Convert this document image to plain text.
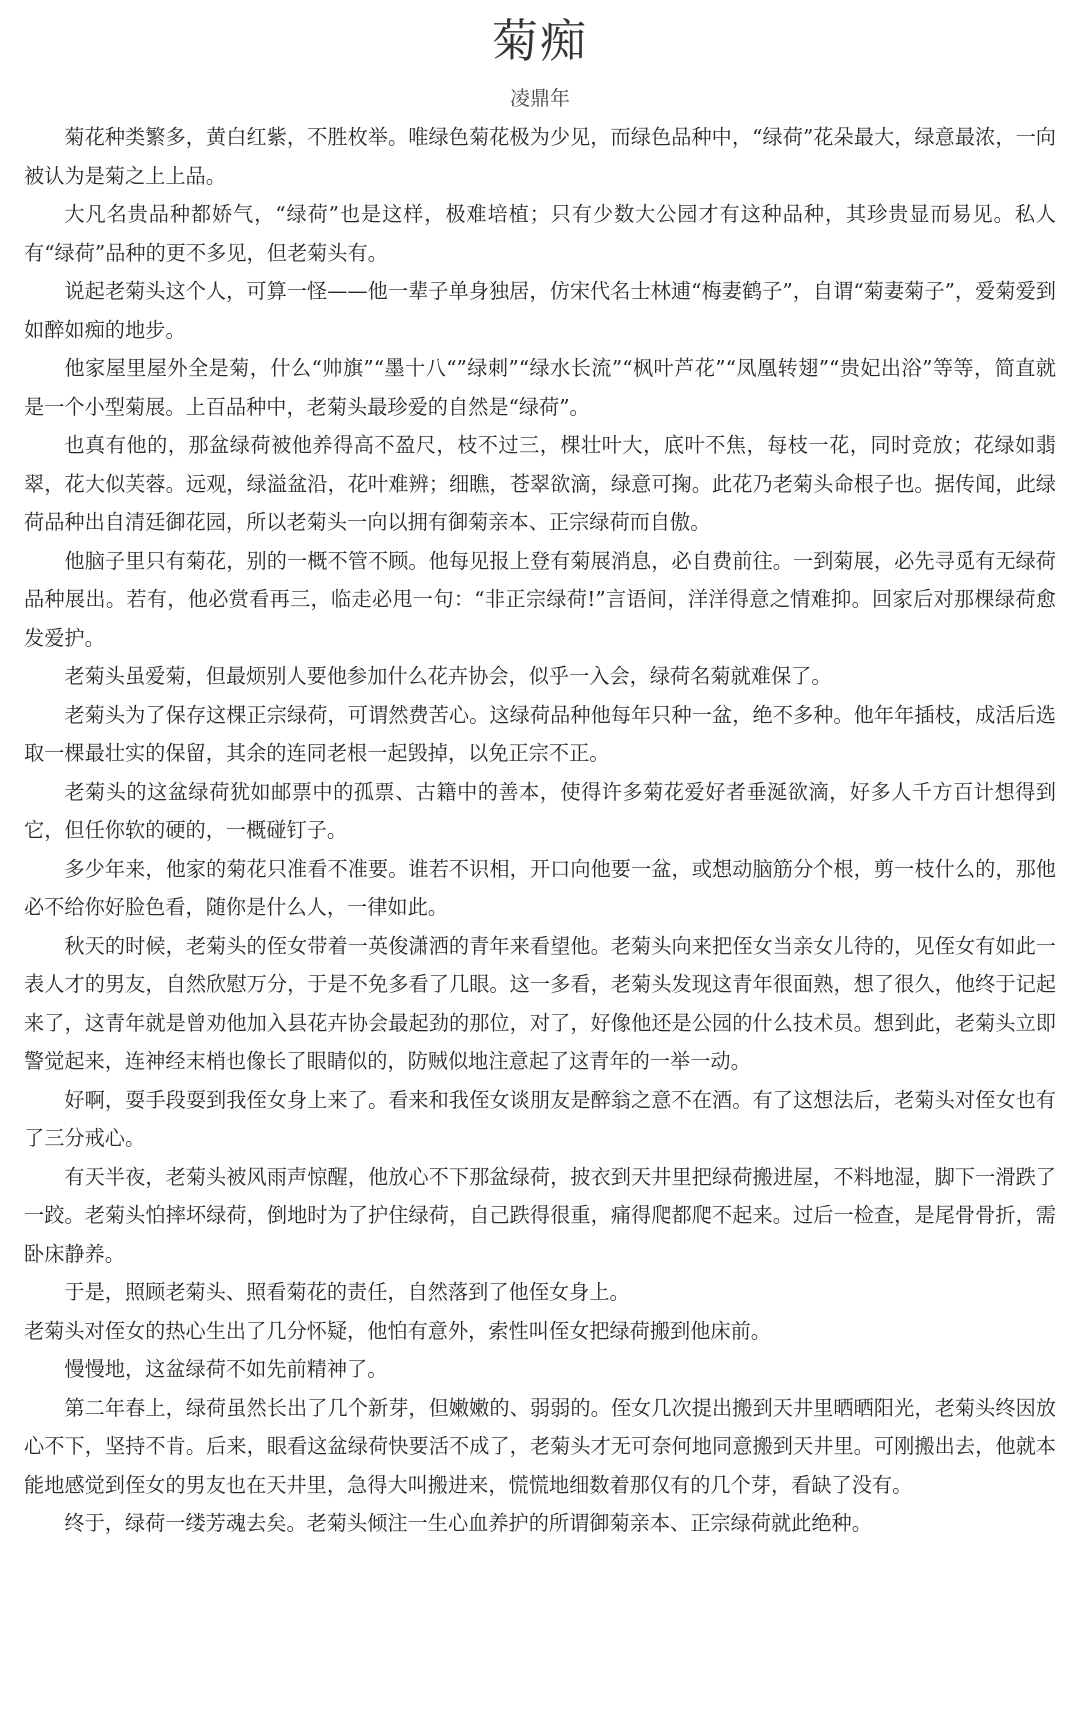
菊痴
凌鼎年

菊花种类繁多，黄白红紫，不胜枚举。唯绿色菊花极为少见，而绿色品种中，“绿荷”花朵最大，绿意最浓，一向被认为是菊之上上品。

大凡名贵品种都娇气，“绿荷”也是这样，极难培植；只有少数大公园才有这种品种，其珍贵显而易见。私人有“绿荷”品种的更不多见，但老菊头有。

说起老菊头这个人，可算一怪——他一辈子单身独居，仿宋代名士林逋“梅妻鹤子”，自谓“菊妻菊子”，爱菊爱到如醉如痴的地步。

他家屋里屋外全是菊，什么“帅旗”“墨十八“”绿刺”“绿水长流”“枫叶芦花”“凤凰转翅”“贵妃出浴”等等，简直就是一个小型菊展。上百品种中，老菊头最珍爱的自然是“绿荷”。

也真有他的，那盆绿荷被他养得高不盈尺，枝不过三，棵壮叶大，底叶不焦，每枝一花，同时竞放；花绿如翡翠，花大似芙蓉。远观，绿溢盆沿，花叶难辨；细瞧，苍翠欲滴，绿意可掬。此花乃老菊头命根子也。据传闻，此绿荷品种出自清廷御花园，所以老菊头一向以拥有御菊亲本、正宗绿荷而自傲。

他脑子里只有菊花，别的一概不管不顾。他每见报上登有菊展消息，必自费前往。一到菊展，必先寻觅有无绿荷品种展出。若有，他必赏看再三，临走必甩一句：“非正宗绿荷!”言语间，洋洋得意之情难抑。回家后对那棵绿荷愈发爱护。

老菊头虽爱菊，但最烦别人要他参加什么花卉协会，似乎一入会，绿荷名菊就难保了。

老菊头为了保存这棵正宗绿荷，可谓然费苦心。这绿荷品种他每年只种一盆，绝不多种。他年年插枝，成活后选取一棵最壮实的保留，其余的连同老根一起毁掉，以免正宗不正。

老菊头的这盆绿荷犹如邮票中的孤票、古籍中的善本，使得许多菊花爱好者垂涎欲滴，好多人千方百计想得到它，但任你软的硬的，一概碰钉子。

多少年来，他家的菊花只准看不准要。谁若不识相，开口向他要一盆，或想动脑筋分个根，剪一枝什么的，那他必不给你好脸色看，随你是什么人，一律如此。

秋天的时候，老菊头的侄女带着一英俊潇洒的青年来看望他。老菊头向来把侄女当亲女儿待的，见侄女有如此一表人才的男友，自然欣慰万分，于是不免多看了几眼。这一多看，老菊头发现这青年很面熟，想了很久，他终于记起来了，这青年就是曾劝他加入县花卉协会最起劲的那位，对了，好像他还是公园的什么技术员。想到此，老菊头立即警觉起来，连神经末梢也像长了眼睛似的，防贼似地注意起了这青年的一举一动。

好啊，耍手段耍到我侄女身上来了。看来和我侄女谈朋友是醉翁之意不在酒。有了这想法后，老菊头对侄女也有了三分戒心。

有天半夜，老菊头被风雨声惊醒，他放心不下那盆绿荷，披衣到天井里把绿荷搬进屋，不料地湿，脚下一滑跌了一跤。老菊头怕摔坏绿荷，倒地时为了护住绿荷，自己跌得很重，痛得爬都爬不起来。过后一检查，是尾骨骨折，需卧床静养。

于是，照顾老菊头、照看菊花的责任，自然落到了他侄女身上。

老菊头对侄女的热心生出了几分怀疑，他怕有意外，索性叫侄女把绿荷搬到他床前。

慢慢地，这盆绿荷不如先前精神了。

第二年春上，绿荷虽然长出了几个新芽，但嫩嫩的、弱弱的。侄女几次提出搬到天井里晒晒阳光，老菊头终因放心不下，坚持不肯。后来，眼看这盆绿荷快要活不成了，老菊头才无可奈何地同意搬到天井里。可刚搬出去，他就本能地感觉到侄女的男友也在天井里，急得大叫搬进来，慌慌地细数着那仅有的几个芽，看缺了没有。

终于，绿荷一缕芳魂去矣。老菊头倾注一生心血养护的所谓御菊亲本、正宗绿荷就此绝种。
